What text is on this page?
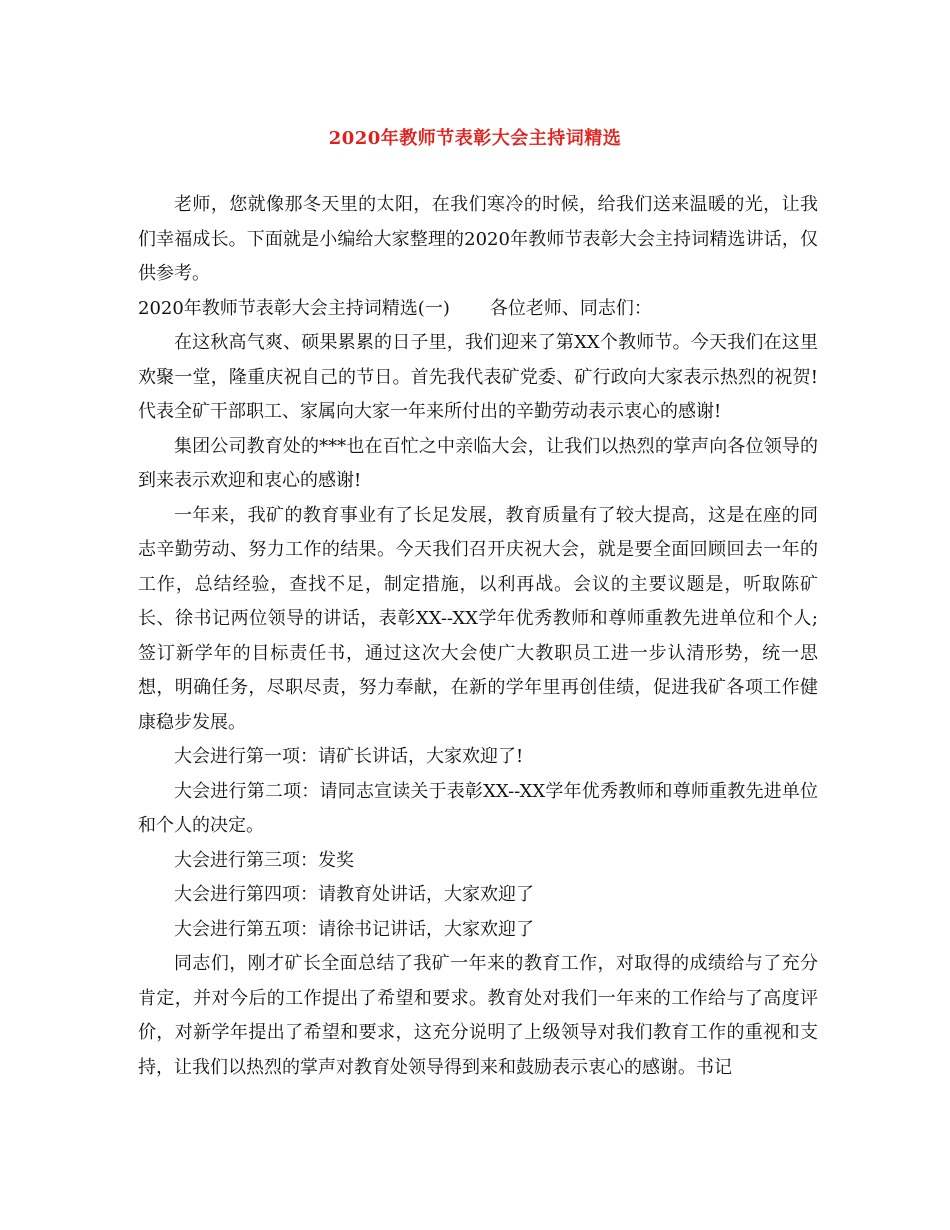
2020年教师节表彰大会主持词精选

老师，您就像那冬天里的太阳，在我们寒冷的时候，给我们送来温暖的光，让我们幸福成长。下面就是小编给大家整理的2020年教师节表彰大会主持词精选讲话，仅供参考。

2020年教师节表彰大会主持词精选(一) 各位老师、同志们：

在这秋高气爽、硕果累累的日子里，我们迎来了第XX个教师节。今天我们在这里欢聚一堂，隆重庆祝自己的节日。首先我代表矿党委、矿行政向大家表示热烈的祝贺!代表全矿干部职工、家属向大家一年来所付出的辛勤劳动表示衷心的感谢!

集团公司教育处的***也在百忙之中亲临大会，让我们以热烈的掌声向各位领导的到来表示欢迎和衷心的感谢!

一年来，我矿的教育事业有了长足发展，教育质量有了较大提高，这是在座的同志辛勤劳动、努力工作的结果。今天我们召开庆祝大会，就是要全面回顾回去一年的工作，总结经验，查找不足，制定措施，以利再战。会议的主要议题是，听取陈矿长、徐书记两位领导的讲话，表彰XX--XX学年优秀教师和尊师重教先进单位和个人;签订新学年的目标责任书，通过这次大会使广大教职员工进一步认清形势，统一思想，明确任务，尽职尽责，努力奉献，在新的学年里再创佳绩，促进我矿各项工作健康稳步发展。

大会进行第一项：请矿长讲话，大家欢迎了!

大会进行第二项：请同志宣读关于表彰XX--XX学年优秀教师和尊师重教先进单位和个人的决定。

大会进行第三项：发奖

大会进行第四项：请教育处讲话，大家欢迎了

大会进行第五项：请徐书记讲话，大家欢迎了

同志们，刚才矿长全面总结了我矿一年来的教育工作，对取得的成绩给与了充分肯定，并对今后的工作提出了希望和要求。教育处对我们一年来的工作给与了高度评价，对新学年提出了希望和要求，这充分说明了上级领导对我们教育工作的重视和支持，让我们以热烈的掌声对教育处领导得到来和鼓励表示衷心的感谢。书记
